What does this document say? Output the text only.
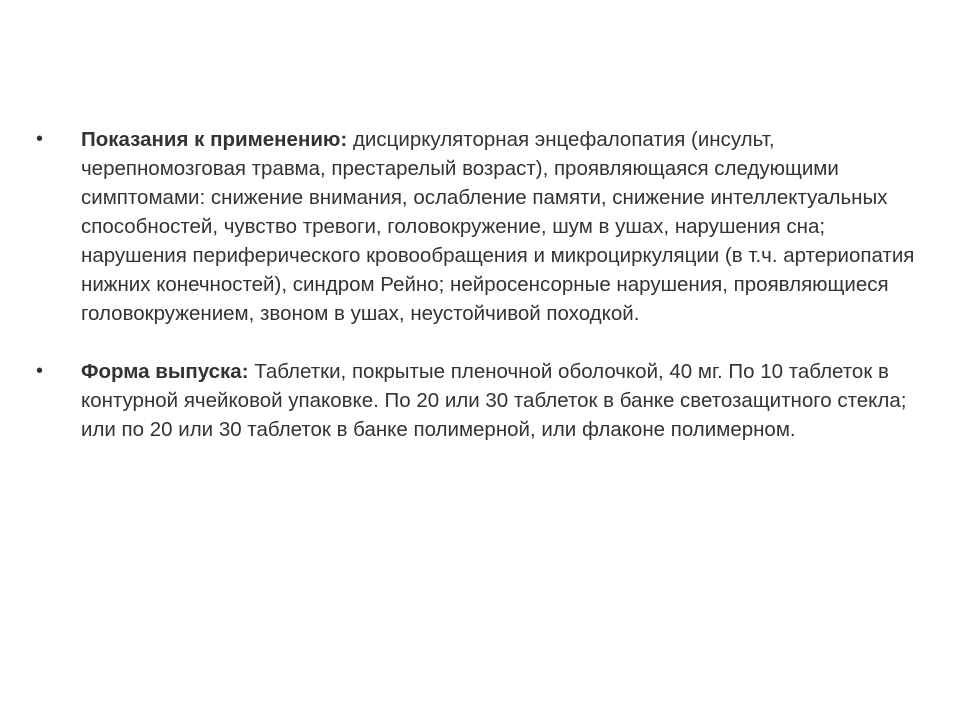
• Показания к применению: дисциркуляторная энцефалопатия (инсульт, черепномозговая травма, престарелый возраст), проявляющаяся следующими симптомами: снижение внимания, ослабление памяти, снижение интеллектуальных способностей, чувство тревоги, головокружение, шум в ушах, нарушения сна; нарушения периферического кровообращения и микроциркуляции (в т.ч. артериопатия нижних конечностей), синдром Рейно; нейросенсорные нарушения, проявляющиеся головокружением, звоном в ушах, неустойчивой походкой.
• Форма выпуска: Таблетки, покрытые пленочной оболочкой, 40 мг. По 10 таблеток в контурной ячейковой упаковке. По 20 или 30 таблеток в банке светозащитного стекла; или по 20 или 30 таблеток в банке полимерной, или флаконе полимерном.
